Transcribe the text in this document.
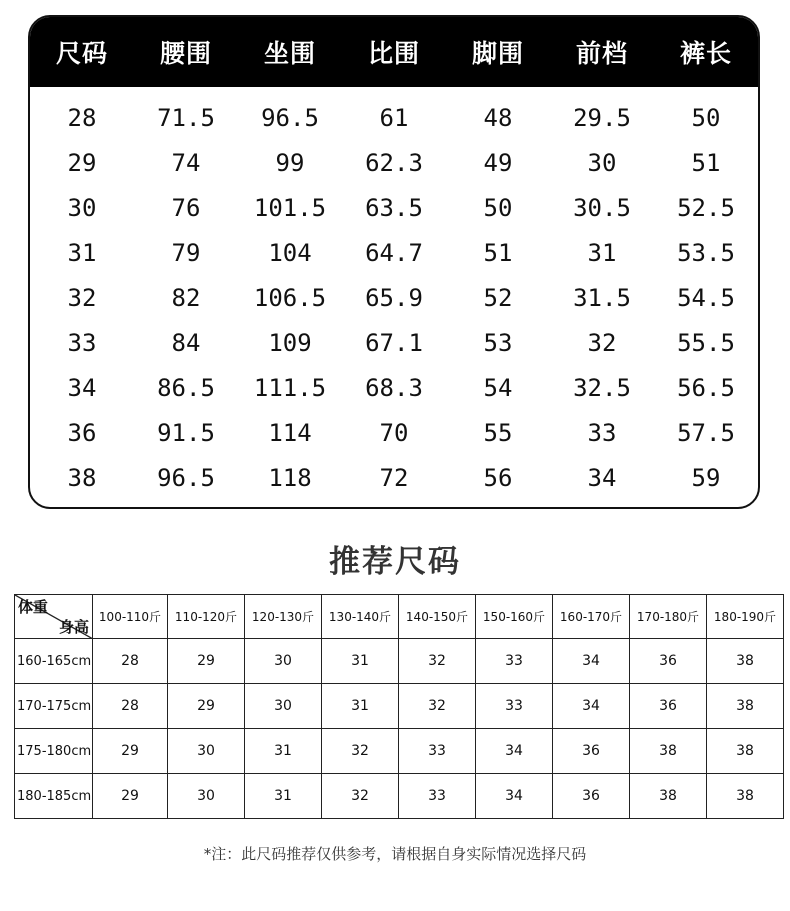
尺码	腰围	坐围	比围	脚围	前档	裤长
28	71.5	96.5	61	48	29.5	50
29	74	99	62.3	49	30	51
30	76	101.5	63.5	50	30.5	52.5
31	79	104	64.7	51	31	53.5
32	82	106.5	65.9	52	31.5	54.5
33	84	109	67.1	53	32	55.5
34	86.5	111.5	68.3	54	32.5	56.5
36	91.5	114	70	55	33	57.5
38	96.5	118	72	56	34	59
推荐尺码
体重
身高	100-110斤	110-120斤	120-130斤	130-140斤	140-150斤	150-160斤	160-170斤	170-180斤	180-190斤
160-165cm	28	29	30	31	32	33	34	36	38
170-175cm	28	29	30	31	32	33	34	36	38
175-180cm	29	30	31	32	33	34	36	38	38
180-185cm	29	30	31	32	33	34	36	38	38
*注：此尺码推荐仅供参考，请根据自身实际情况选择尺码
